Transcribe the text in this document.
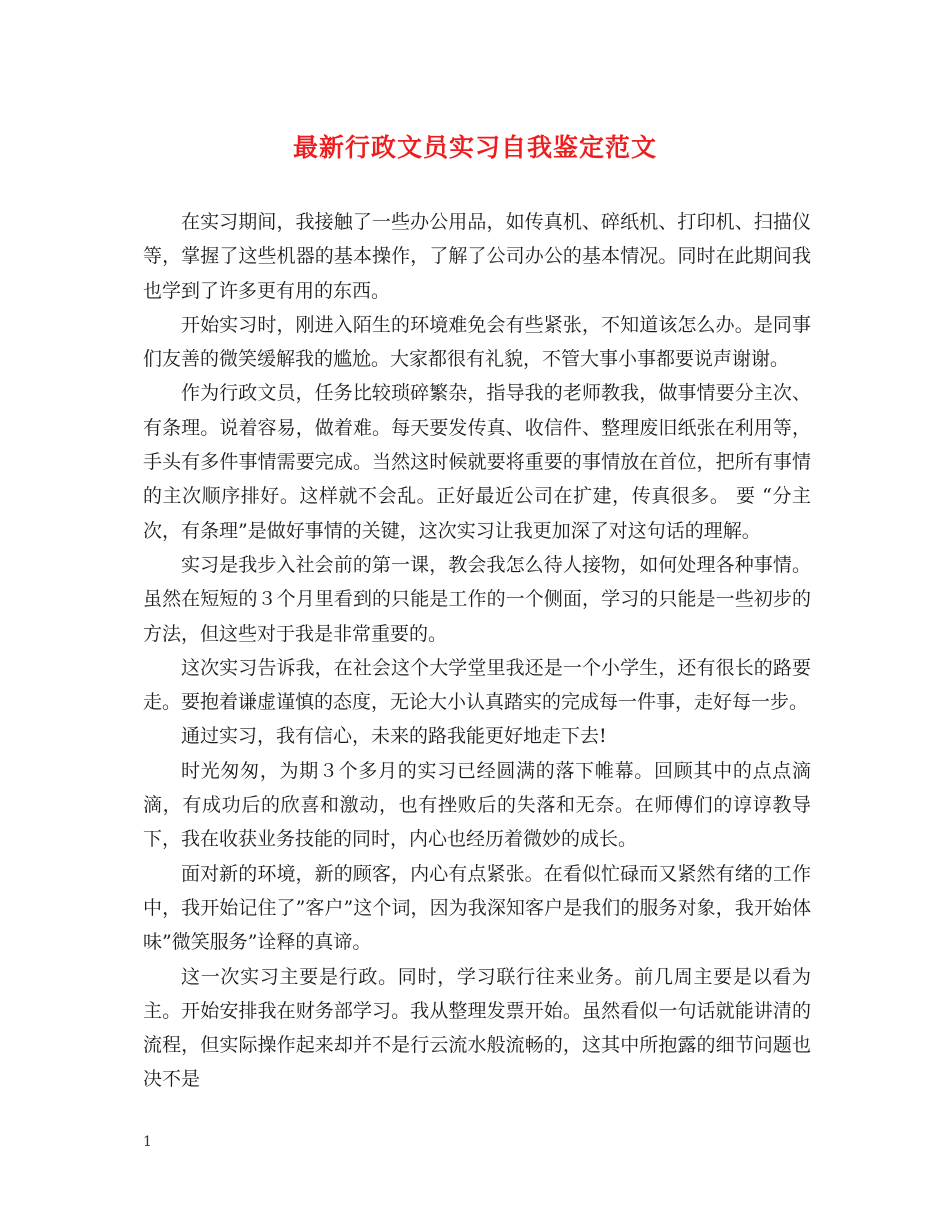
最新行政文员实习自我鉴定范文

在实习期间，我接触了一些办公用品，如传真机、碎纸机、打印机、扫描仪等，掌握了这些机器的基本操作，了解了公司办公的基本情况。同时在此期间我也学到了许多更有用的东西。

开始实习时，刚进入陌生的环境难免会有些紧张，不知道该怎么办。是同事们友善的微笑缓解我的尴尬。大家都很有礼貌，不管大事小事都要说声谢谢。

作为行政文员，任务比较琐碎繁杂，指导我的老师教我，做事情要分主次、有条理。说着容易，做着难。每天要发传真、收信件、整理废旧纸张在利用等，手头有多件事情需要完成。当然这时候就要将重要的事情放在首位，把所有事情的主次顺序排好。这样就不会乱。正好最近公司在扩建，传真很多。 要 “分主次，有条理”是做好事情的关键，这次实习让我更加深了对这句话的理解。

实习是我步入社会前的第一课，教会我怎么待人接物，如何处理各种事情。虽然在短短的３个月里看到的只能是工作的一个侧面，学习的只能是一些初步的方法，但这些对于我是非常重要的。

这次实习告诉我，在社会这个大学堂里我还是一个小学生，还有很长的路要走。要抱着谦虚谨慎的态度，无论大小认真踏实的完成每一件事，走好每一步。

通过实习，我有信心，未来的路我能更好地走下去!

时光匆匆，为期３个多月的实习已经圆满的落下帷幕。回顾其中的点点滴滴，有成功后的欣喜和激动，也有挫败后的失落和无奈。在师傅们的谆谆教导下，我在收获业务技能的同时，内心也经历着微妙的成长。

面对新的环境，新的顾客，内心有点紧张。在看似忙碌而又紧然有绪的工作中，我开始记住了”客户”这个词，因为我深知客户是我们的服务对象，我开始体味”微笑服务”诠释的真谛。

这一次实习主要是行政。同时，学习联行往来业务。前几周主要是以看为主。开始安排我在财务部学习。我从整理发票开始。虽然看似一句话就能讲清的流程，但实际操作起来却并不是行云流水般流畅的，这其中所抱露的细节问题也决不是

1
